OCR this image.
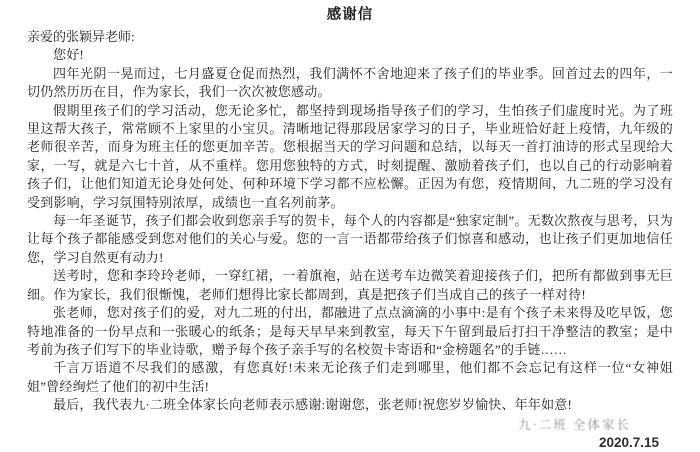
感谢信

亲爱的张颖异老师:

您好!

四年光阴一晃而过，七月盛夏仓促而热烈，我们满怀不舍地迎来了孩子们的毕业季。回首过去的四年，一切仍然历历在目，作为家长，我们一次次被您感动。

假期里孩子们的学习活动，您无论多忙，都坚持到现场指导孩子们的学习，生怕孩子们虚度时光。为了班里这帮大孩子，常常顾不上家里的小宝贝。清晰地记得那段居家学习的日子，毕业班恰好赶上疫情，九年级的老师很辛苦，而身为班主任的您更加辛苦。您根据当天的学习问题和总结，以每天一首打油诗的形式呈现给大家，一写，就是六七十首，从不重样。您用您独特的方式，时刻提醒、激励着孩子们，也以自己的行动影响着孩子们，让他们知道无论身处何处、何种环境下学习都不应松懈。正因为有您，疫情期间，九二班的学习没有受到影响，学习氛围特别浓厚，成绩也一直名列前茅。

每一年圣诞节，孩子们都会收到您亲手写的贺卡，每个人的内容都是“独家定制”。无数次熬夜与思考，只为让每个孩子都能感受到您对他们的关心与爱。您的一言一语都带给孩子们惊喜和感动，也让孩子们更加地信任您，学习自然更有动力!

送考时，您和李玲玲老师，一穿红裙，一着旗袍，站在送考车边微笑着迎接孩子们，把所有都做到事无巨细。作为家长，我们很惭愧，老师们想得比家长都周到，真是把孩子们当成自己的孩子一样对待!

张老师，您对孩子们的爱，对九二班的付出，都融进了点点滴滴的小事中:是有个孩子未来得及吃早饭，您特地准备的一份早点和一张暖心的纸条；是每天早早来到教室，每天下午留到最后打扫干净整洁的教室；是中考前为孩子们写下的毕业诗歌，赠予每个孩子亲手写的名校贺卡寄语和“金榜题名”的手链……

千言万语道不尽我们的感激，有您真好!未来无论孩子们走到哪里，他们都不会忘记有这样一位“女神姐姐”曾经绚烂了他们的初中生活!

最后，我代表九·二班全体家长向老师表示感谢:谢谢您，张老师!祝您岁岁愉快、年年如意!

九·二班 全体家长
2020.7.15
